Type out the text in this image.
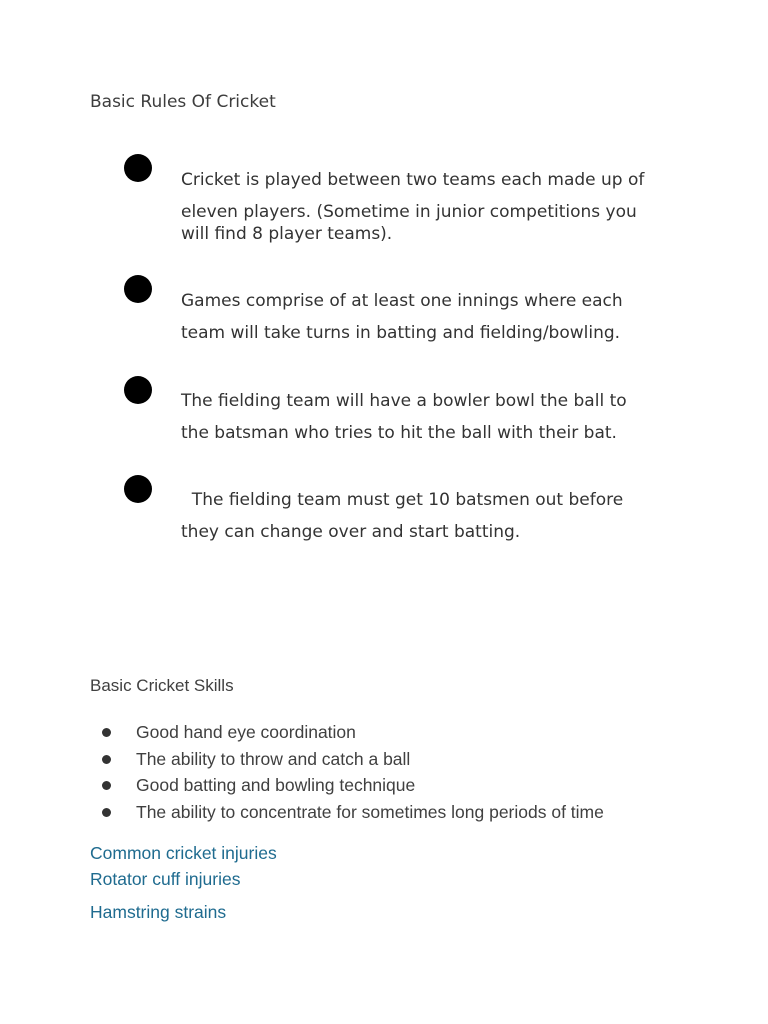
Basic Rules Of Cricket
Cricket is played between two teams each made up of
eleven players. (Sometime in junior competitions you
will find 8 player teams).
Games comprise of at least one innings where each
team will take turns in batting and fielding/bowling.
The fielding team will have a bowler bowl the ball to
the batsman who tries to hit the ball with their bat.
The fielding team must get 10 batsmen out before
they can change over and start batting.
Basic Cricket Skills
Good hand eye coordination
The ability to throw and catch a ball
Good batting and bowling technique
The ability to concentrate for sometimes long periods of time
Common cricket injuries
Rotator cuff injuries
Hamstring strains
